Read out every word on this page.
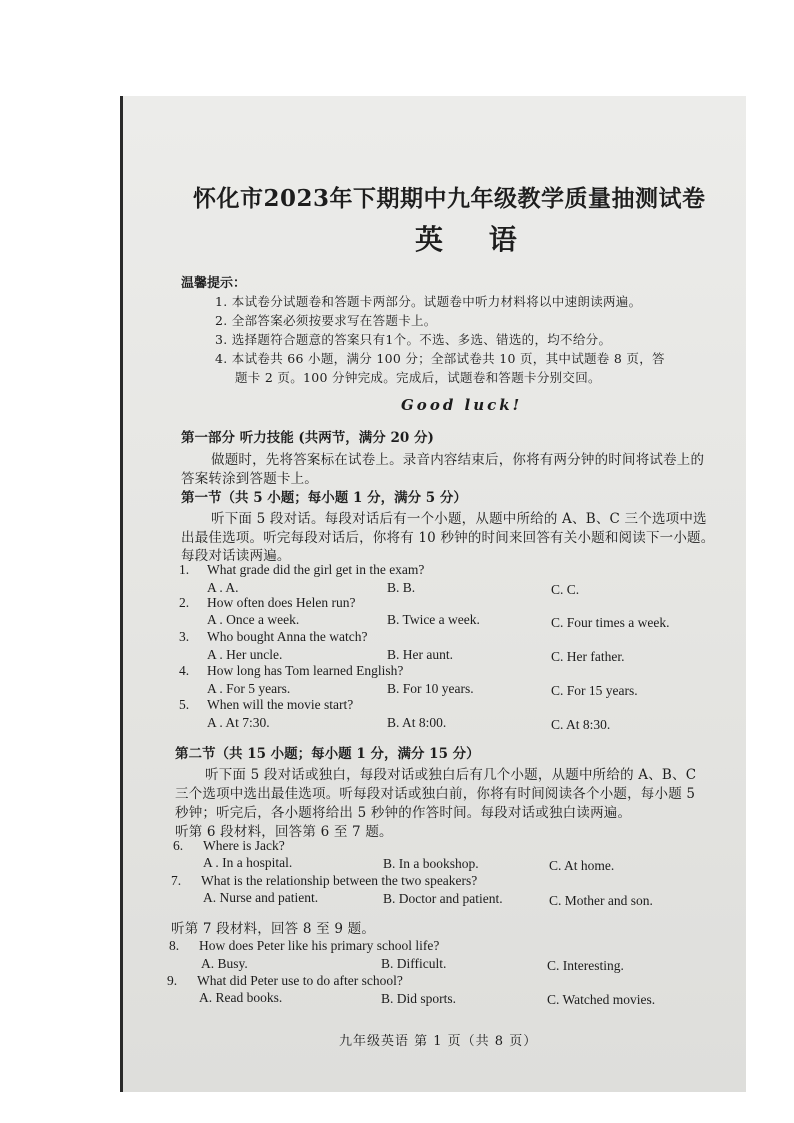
怀化市2023年下期期中九年级教学质量抽测试卷
英 语
温馨提示：
1. 本试卷分试题卷和答题卡两部分。试题卷中听力材料将以中速朗读两遍。
2. 全部答案必须按要求写在答题卡上。
3. 选择题符合题意的答案只有1个。不选、多选、错选的，均不给分。
4. 本试卷共 66 小题，满分 100 分；全部试卷共 10 页，其中试题卷 8 页，答
题卡 2 页。100 分钟完成。完成后，试题卷和答题卡分别交回。
Good luck!
第一部分 听力技能 (共两节，满分 20 分)
做题时，先将答案标在试卷上。录音内容结束后，你将有两分钟的时间将试卷上的
答案转涂到答题卡上。
第一节（共 5 小题；每小题 1 分，满分 5 分）
听下面 5 段对话。每段对话后有一个小题，从题中所给的 A、B、C 三个选项中选
出最佳选项。听完每段对话后，你将有 10 秒钟的时间来回答有关小题和阅读下一小题。
每段对话读两遍。
1. What grade did the girl get in the exam?
A . A.	B. B.	C. C.
2. How often does Helen run?
A . Once a week.	B. Twice a week.	C. Four times a week.
3. Who bought Anna the watch?
A . Her uncle.	B. Her aunt.	C. Her father.
4. How long has Tom learned English?
A . For 5 years.	B. For 10 years.	C. For 15 years.
5. When will the movie start?
A . At 7:30.	B. At 8:00.	C. At 8:30.
第二节（共 15 小题；每小题 1 分，满分 15 分）
听下面 5 段对话或独白，每段对话或独白后有几个小题，从题中所给的 A、B、C
三个选项中选出最佳选项。听每段对话或独白前，你将有时间阅读各个小题，每小题 5
秒钟；听完后，各小题将给出 5 秒钟的作答时间。每段对话或独白读两遍。
听第 6 段材料，回答第 6 至 7 题。
6. Where is Jack?
A . In a hospital.	B. In a bookshop.	C. At home.
7. What is the relationship between the two speakers?
A. Nurse and patient.	B. Doctor and patient.	C. Mother and son.
听第 7 段材料，回答 8 至 9 题。
8. How does Peter like his primary school life?
A. Busy.	B. Difficult.	C. Interesting.
9. What did Peter use to do after school?
A. Read books.	B. Did sports.	C. Watched movies.
九年级英语 第 1 页（共 8 页）
